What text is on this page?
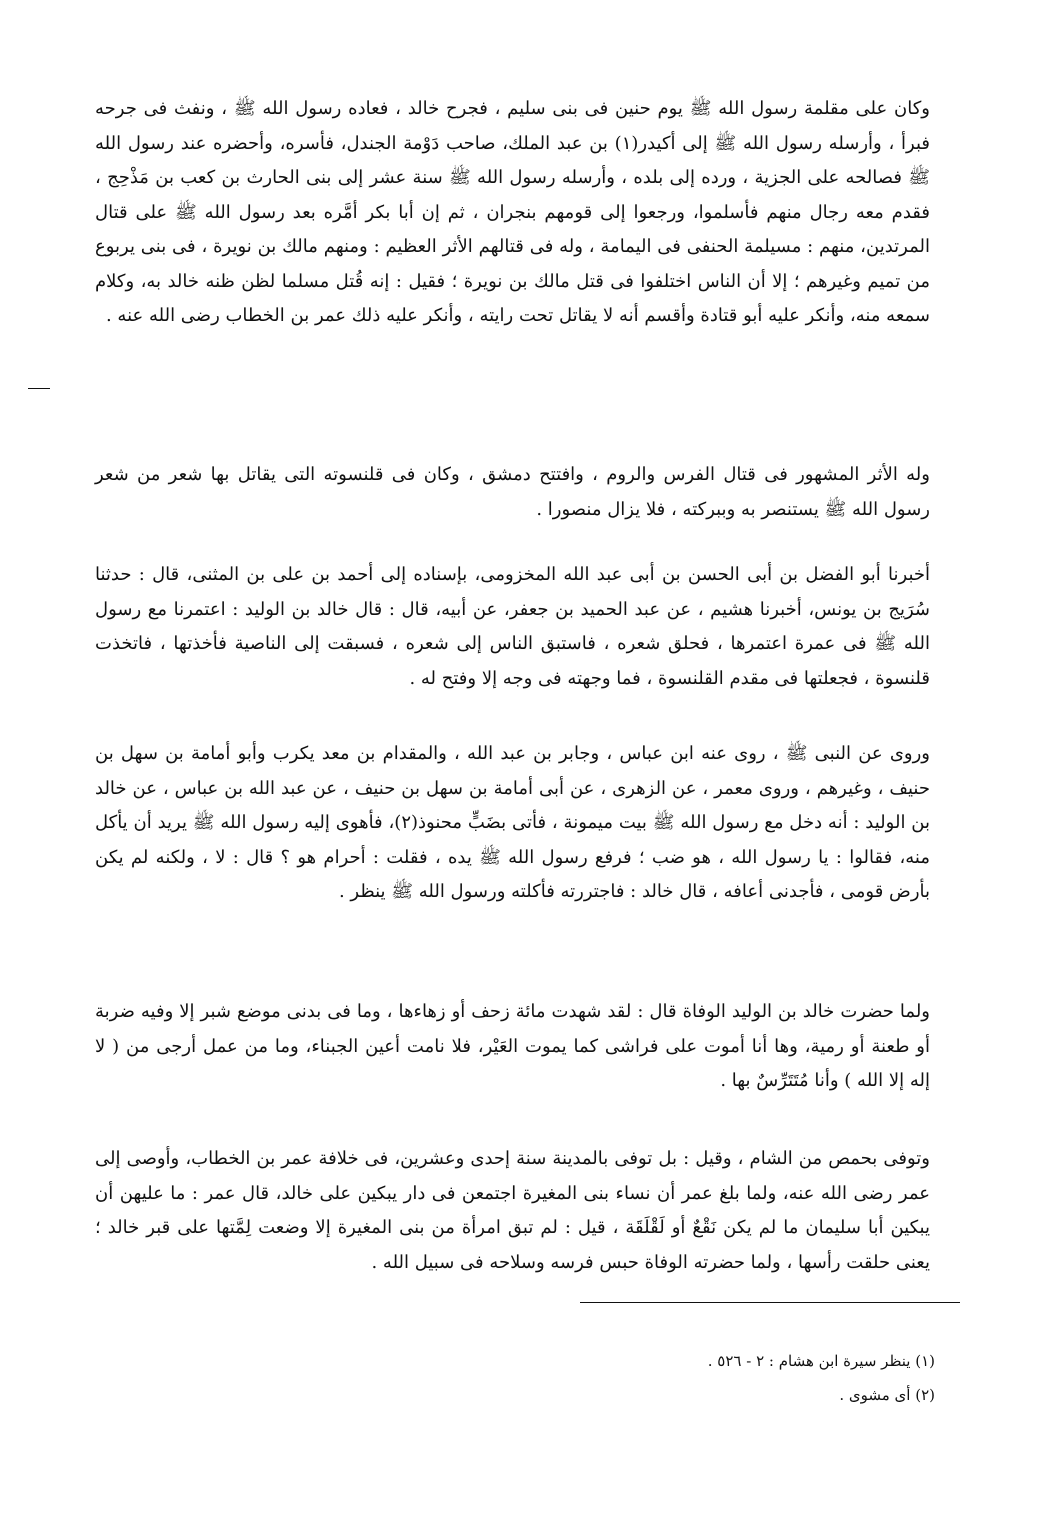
وكان على مقلمة رسول الله ﷺ يوم حنين فى بنى سليم ، فجرح خالد ، فعاده رسول الله ﷺ ، ونفث فى جرحه فبرأ ، وأرسله رسول الله ﷺ إلى أكيدر(١) بن عبد الملك، صاحب دَوْمة الجندل، فأسره، وأحضره عند رسول الله ﷺ فصالحه على الجزية ، ورده إلى بلده ، وأرسله رسول الله ﷺ سنة عشر إلى بنى الحارث بن كعب بن مَذْحِج ، فقدم معه رجال منهم فأسلموا، ورجعوا إلى قومهم بنجران ، ثم إن أبا بكر أمَّره بعد رسول الله ﷺ على قتال المرتدين، منهم : مسيلمة الحنفى فى اليمامة ، وله فى قتالهم الأثر العظيم : ومنهم مالك بن نويرة ، فى بنى يربوع من تميم وغيرهم ؛ إلا أن الناس اختلفوا فى قتل مالك بن نويرة ؛ فقيل : إنه قُتل مسلما لظن ظنه خالد به، وكلام سمعه منه، وأنكر عليه أبو قتادة وأقسم أنه لا يقاتل تحت رايته ، وأنكر عليه ذلك عمر بن الخطاب رضى الله عنه .

وله الأثر المشهور فى قتال الفرس والروم ، وافتتح دمشق ، وكان فى قلنسوته التى يقاتل بها شعر من شعر رسول الله ﷺ يستنصر به وببركته ، فلا يزال منصورا .

أخبرنا أبو الفضل بن أبى الحسن بن أبى عبد الله المخزومى، بإسناده إلى أحمد بن على بن المثنى، قال : حدثنا سُرَيج بن يونس، أخبرنا هشيم ، عن عبد الحميد بن جعفر، عن أبيه، قال : قال خالد بن الوليد : اعتمرنا مع رسول الله ﷺ فى عمرة اعتمرها ، فحلق شعره ، فاستبق الناس إلى شعره ، فسبقت إلى الناصية فأخذتها ، فاتخذت قلنسوة ، فجعلتها فى مقدم القلنسوة ، فما وجهته فى وجه إلا وفتح له .

وروى عن النبى ﷺ ، روى عنه ابن عباس ، وجابر بن عبد الله ، والمقدام بن معد يكرب وأبو أمامة بن سهل بن حنيف ، وغيرهم ، وروى معمر ، عن الزهرى ، عن أبى أمامة بن سهل بن حنيف ، عن عبد الله بن عباس ، عن خالد بن الوليد : أنه دخل مع رسول الله ﷺ بيت ميمونة ، فأتى بضَبٍّ محنوذ(٢)، فأهوى إليه رسول الله ﷺ يريد أن يأكل منه، فقالوا : يا رسول الله ، هو ضب ؛ فرفع رسول الله ﷺ يده ، فقلت : أحرام هو ؟ قال : لا ، ولكنه لم يكن بأرض قومى ، فأجدنى أعافه ، قال خالد : فاجتررته فأكلته ورسول الله ﷺ ينظر .

ولما حضرت خالد بن الوليد الوفاة قال : لقد شهدت مائة زحف أو زهاءها ، وما فى بدنى موضع شبر إلا وفيه ضربة أو طعنة أو رمية، وها أنا أموت على فراشى كما يموت العَيْر، فلا نامت أعين الجبناء، وما من عمل أرجى من ( لا إله إلا الله ) وأنا مُتَتَرِّسٌ بها .

وتوفى بحمص من الشام ، وقيل : بل توفى بالمدينة سنة إحدى وعشرين، فى خلافة عمر بن الخطاب، وأوصى إلى عمر رضى الله عنه، ولما بلغ عمر أن نساء بنى المغيرة اجتمعن فى دار يبكين على خالد، قال عمر : ما عليهن أن يبكين أبا سليمان ما لم يكن نَقْعٌ أو لَقْلَقَة ، قيل : لم تبق امرأة من بنى المغيرة إلا وضعت لِمَّتها على قبر خالد ؛ يعنى حلقت رأسها ، ولما حضرته الوفاة حبس فرسه وسلاحه فى سبيل الله .

(١) ينظر سيرة ابن هشام : ٢ - ٥٢٦ .

(٢) أى مشوى .
